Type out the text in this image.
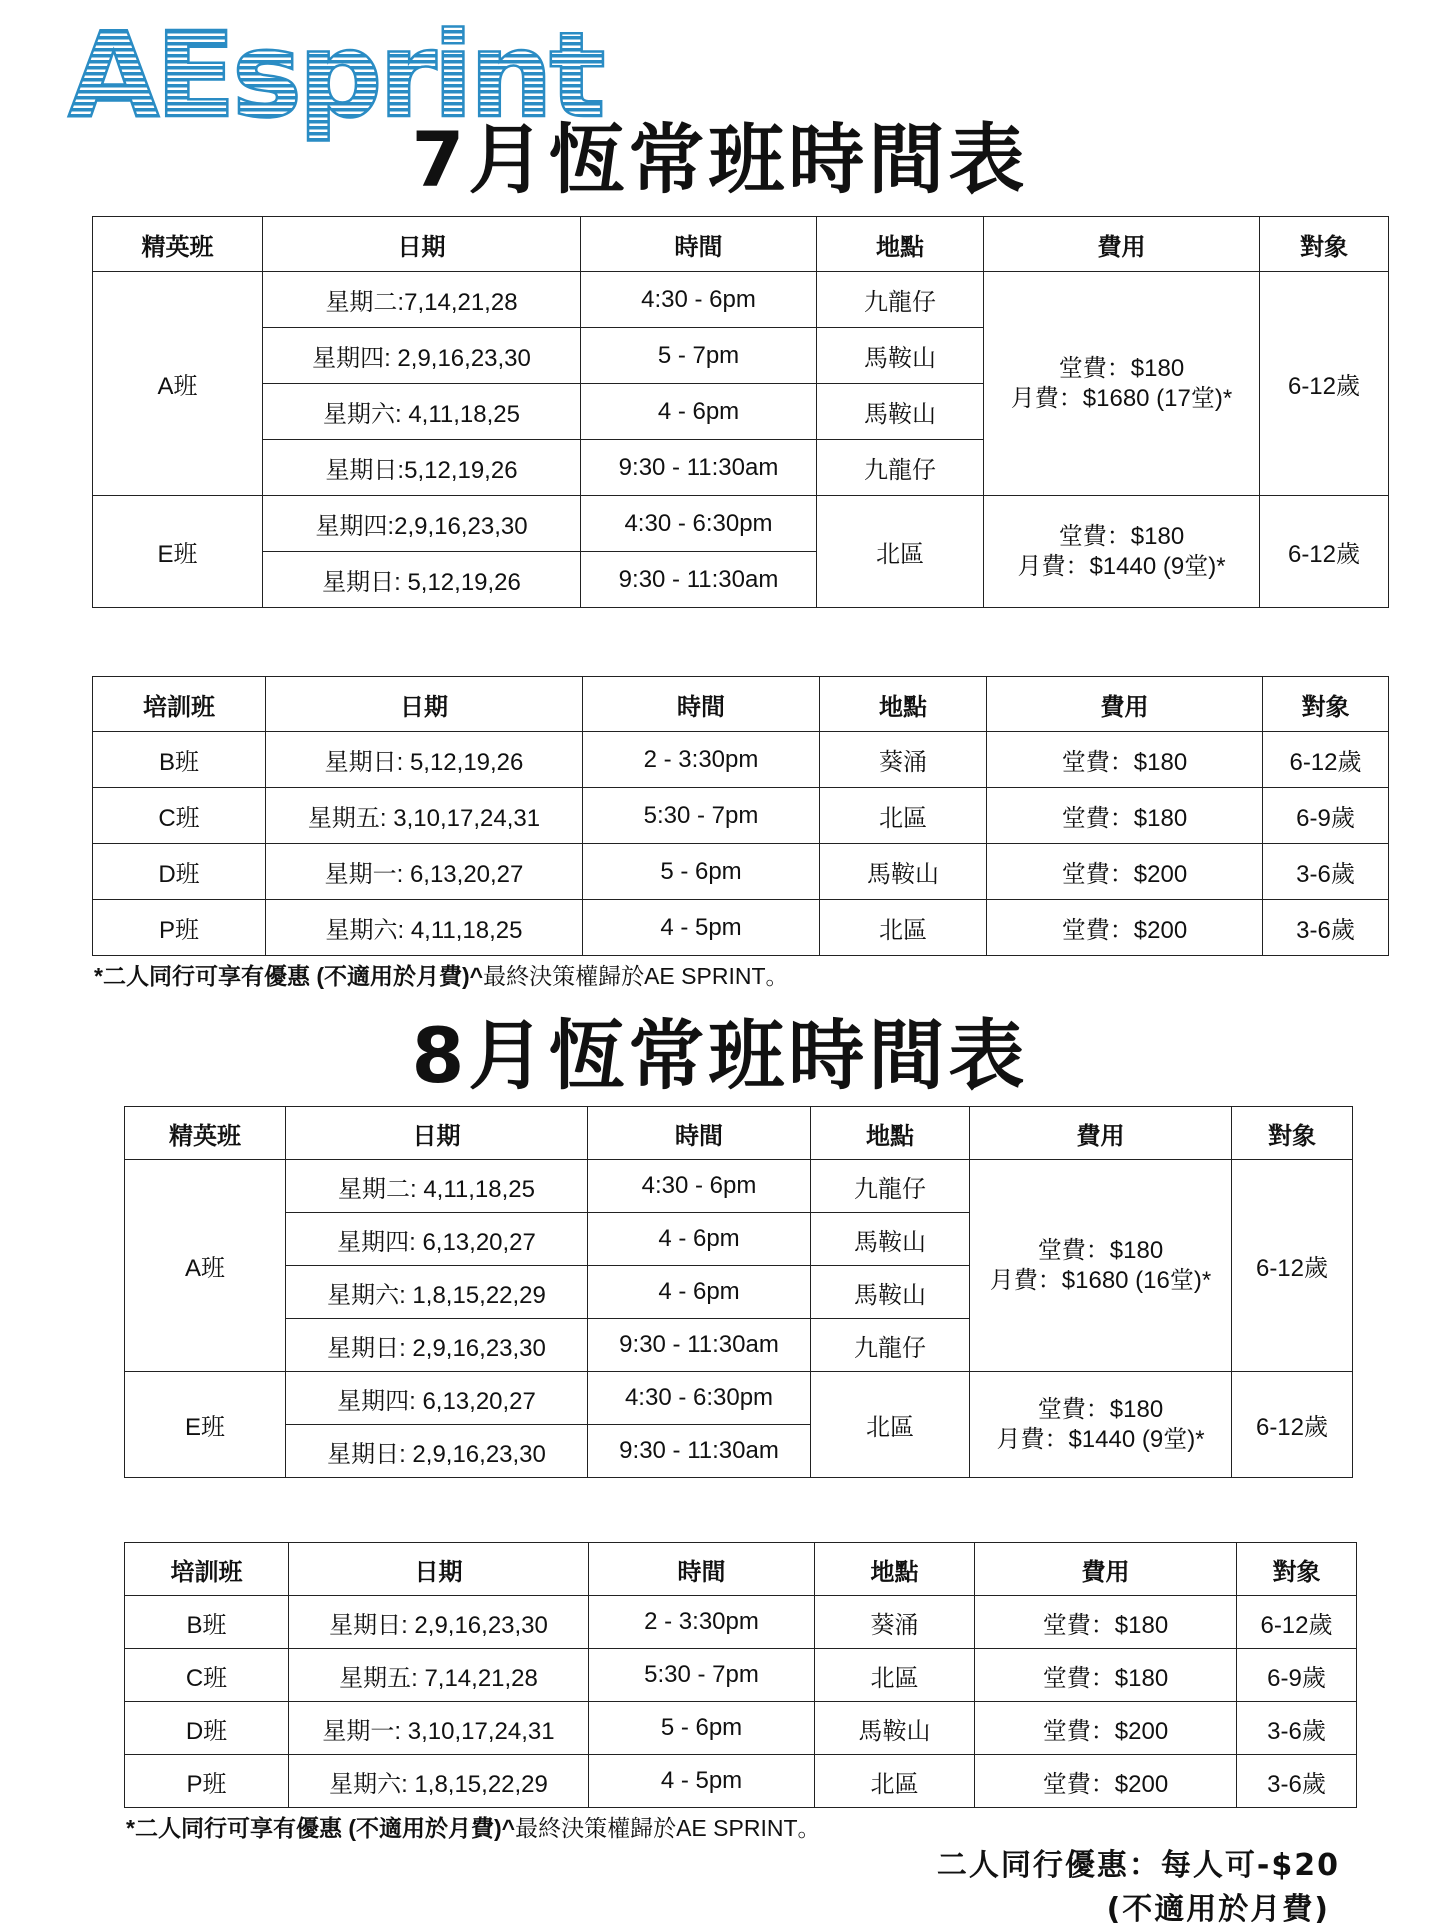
AEsprint
7月恆常班時間表
精英班	日期	時間	地點	費用	對象
A班	星期二:7,14,21,28	4:30 - 6pm	九龍仔	堂費：$180
月費：$1680 (17堂)*	6-12歲
	星期四: 2,9,16,23,30	5 - 7pm	馬鞍山		
	星期六: 4,11,18,25	4 - 6pm	馬鞍山		
	星期日:5,12,19,26	9:30 - 11:30am	九龍仔		
E班	星期四:2,9,16,23,30	4:30 - 6:30pm	北區	堂費：$180
月費：$1440 (9堂)*	6-12歲
	星期日: 5,12,19,26	9:30 - 11:30am			
培訓班	日期	時間	地點	費用	對象
B班	星期日: 5,12,19,26	2 - 3:30pm	葵涌	堂費：$180	6-12歲
C班	星期五: 3,10,17,24,31	5:30 - 7pm	北區	堂費：$180	6-9歲
D班	星期一: 6,13,20,27	5 - 6pm	馬鞍山	堂費：$200	3-6歲
P班	星期六: 4,11,18,25	4 - 5pm	北區	堂費：$200	3-6歲
*二人同行可享有優惠 (不適用於月費)^最終決策權歸於AE SPRINT。
8月恆常班時間表
精英班	日期	時間	地點	費用	對象
A班	星期二: 4,11,18,25	4:30 - 6pm	九龍仔	堂費：$180
月費：$1680 (16堂)*	6-12歲
	星期四: 6,13,20,27	4 - 6pm	馬鞍山		
	星期六: 1,8,15,22,29	4 - 6pm	馬鞍山		
	星期日: 2,9,16,23,30	9:30 - 11:30am	九龍仔		
E班	星期四: 6,13,20,27	4:30 - 6:30pm	北區	堂費：$180
月費：$1440 (9堂)*	6-12歲
	星期日: 2,9,16,23,30	9:30 - 11:30am			
培訓班	日期	時間	地點	費用	對象
B班	星期日: 2,9,16,23,30	2 - 3:30pm	葵涌	堂費：$180	6-12歲
C班	星期五: 7,14,21,28	5:30 - 7pm	北區	堂費：$180	6-9歲
D班	星期一: 3,10,17,24,31	5 - 6pm	馬鞍山	堂費：$200	3-6歲
P班	星期六: 1,8,15,22,29	4 - 5pm	北區	堂費：$200	3-6歲
*二人同行可享有優惠 (不適用於月費)^最終決策權歸於AE SPRINT。
二人同行優惠：每人可-$20
(不適用於月費)
